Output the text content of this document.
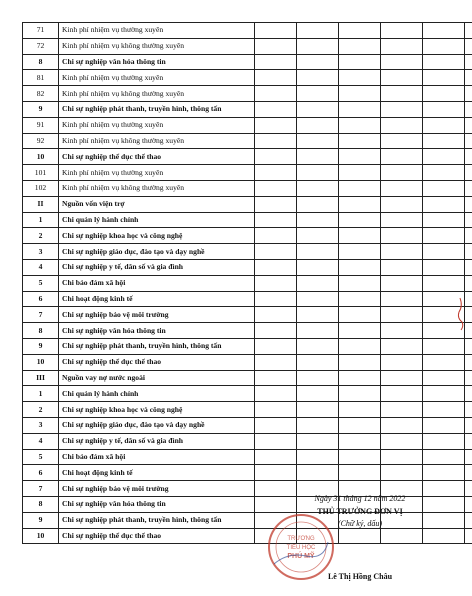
71	Kinh phí nhiệm vụ thường xuyên						
72	Kinh phí nhiệm vụ không thường xuyên						
8	Chi sự nghiệp văn hóa thông tin						
81	Kinh phí nhiệm vụ thường xuyên						
82	Kinh phí nhiệm vụ không thường xuyên						
9	Chi sự nghiệp phát thanh, truyền hình, thông tấn						
91	Kinh phí nhiệm vụ thường xuyên						
92	Kinh phí nhiệm vụ không thường xuyên						
10	Chi sự nghiệp thể dục thể thao						
101	Kinh phí nhiệm vụ thường xuyên						
102	Kinh phí nhiệm vụ không thường xuyên						
II	Nguồn vốn viện trợ						
1	Chi quản lý hành chính						
2	Chi sự nghiệp khoa học và công nghệ						
3	Chi sự nghiệp giáo dục, đào tạo và dạy nghề						
4	Chi sự nghiệp y tế, dân số và gia đình						
5	Chi bảo đảm xã hội						
6	Chi hoạt động kinh tế						
7	Chi sự nghiệp bảo vệ môi trường						
8	Chi sự nghiệp văn hóa thông tin						
9	Chi sự nghiệp phát thanh, truyền hình, thông tấn						
10	Chi sự nghiệp thể dục thể thao						
III	Nguồn vay nợ nước ngoài						
1	Chi quản lý hành chính						
2	Chi sự nghiệp khoa học và công nghệ						
3	Chi sự nghiệp giáo dục, đào tạo và dạy nghề						
4	Chi sự nghiệp y tế, dân số và gia đình						
5	Chi bảo đảm xã hội						
6	Chi hoạt động kinh tế						
7	Chi sự nghiệp bảo vệ môi trường						
8	Chi sự nghiệp văn hóa thông tin						
9	Chi sự nghiệp phát thanh, truyền hình, thông tấn						
10	Chi sự nghiệp thể dục thể thao							TRƯỜNG
TIỂU HỌC
PHÚ MỸ
Ngày 31 tháng 12 năm 2022
THỦ TRƯỞNG ĐƠN VỊ
(Chữ ký, dấu)
Lê Thị Hồng Châu
